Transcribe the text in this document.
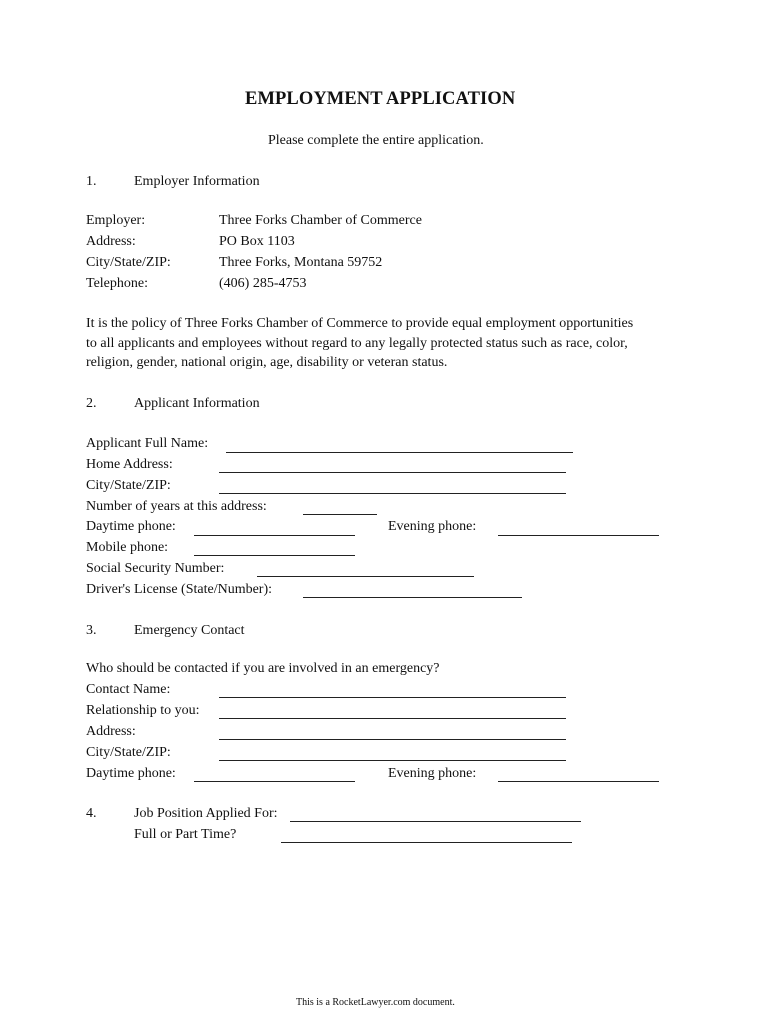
EMPLOYMENT APPLICATION
Please complete the entire application.
1.	Employer Information
Employer:	Three Forks Chamber of Commerce
Address:	PO Box 1103
City/State/ZIP:	Three Forks, Montana 59752
Telephone:	(406) 285-4753
It is the policy of Three Forks Chamber of Commerce to provide equal employment opportunities
to all applicants and employees without regard to any legally protected status such as race, color,
religion, gender, national origin, age, disability or veteran status.
2.	Applicant Information
Applicant Full Name:
Home Address:
City/State/ZIP:
Number of years at this address:
Daytime phone:	Evening phone:
Mobile phone:
Social Security Number:
Driver's License (State/Number):
3.	Emergency Contact
Who should be contacted if you are involved in an emergency?
Contact Name:
Relationship to you:
Address:
City/State/ZIP:
Daytime phone:	Evening phone:
4.	Job Position Applied For:
Full or Part Time?
This is a RocketLawyer.com document.
